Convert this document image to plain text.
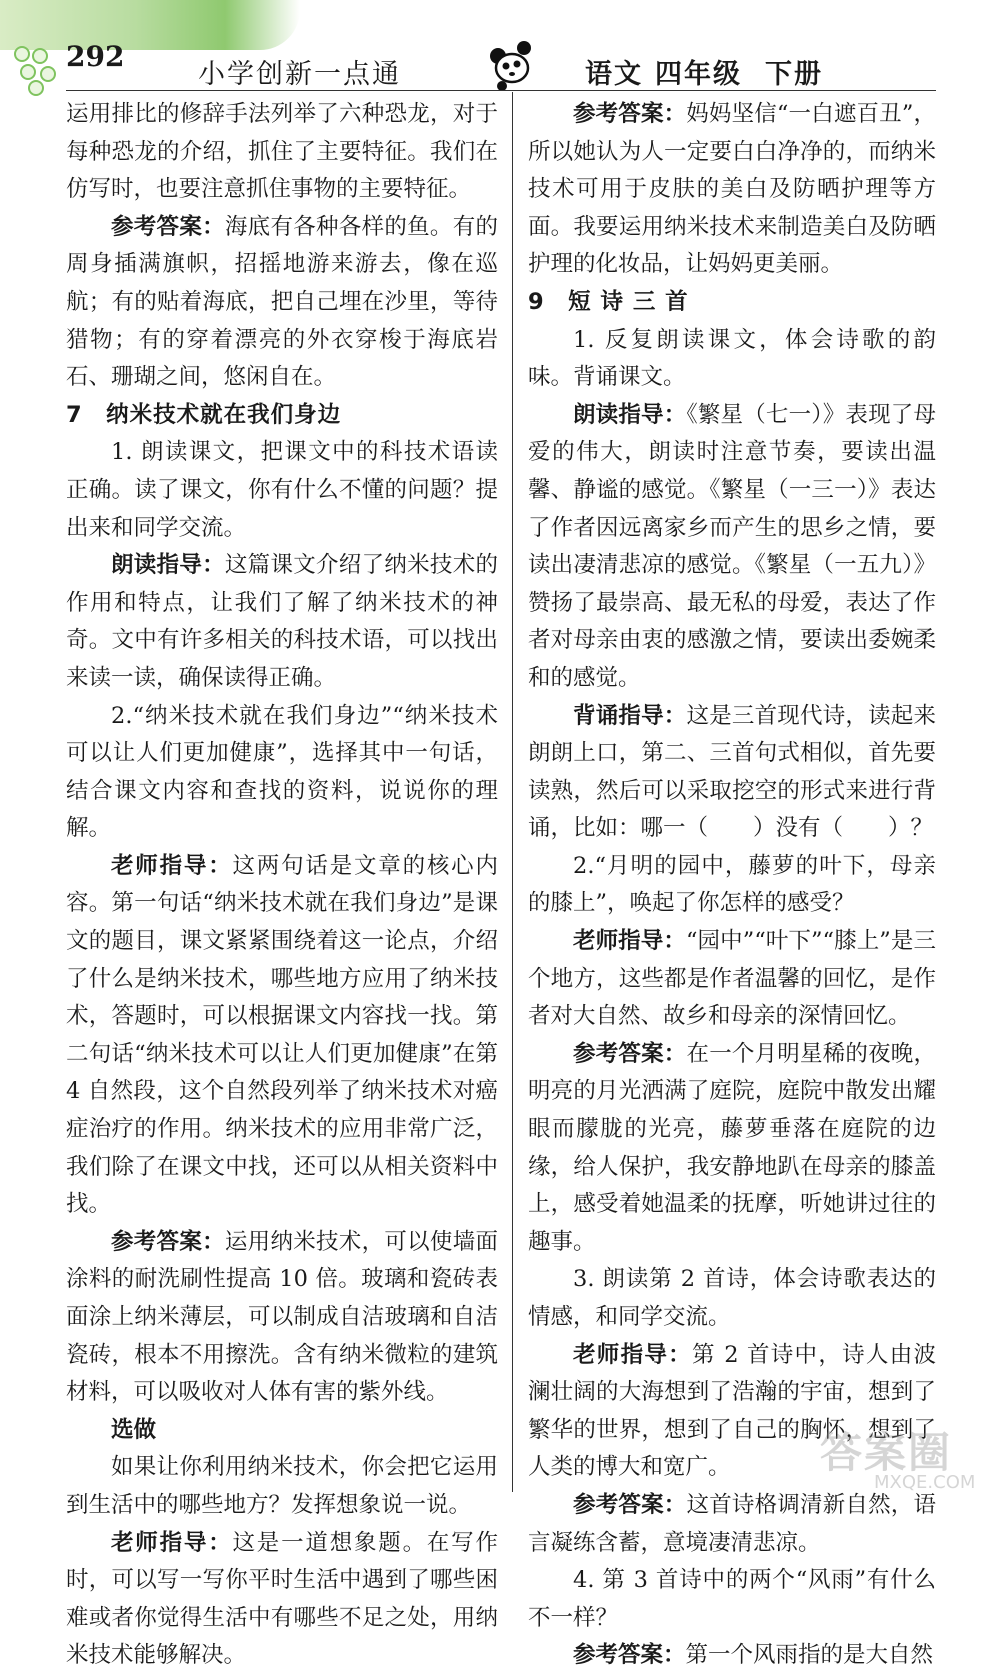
292
小学创新一点通	语文 四年级 下册

运用排比的修辞手法列举了六种恐龙，对于每种恐龙的介绍，抓住了主要特征。我们在仿写时，也要注意抓住事物的主要特征。

参考答案：海底有各种各样的鱼。有的周身插满旗帜，招摇地游来游去，像在巡航；有的贴着海底，把自己埋在沙里，等待猎物；有的穿着漂亮的外衣穿梭于海底岩石、珊瑚之间，悠闲自在。

7　纳米技术就在我们身边

1. 朗读课文，把课文中的科技术语读正确。读了课文，你有什么不懂的问题？提出来和同学交流。

朗读指导：这篇课文介绍了纳米技术的作用和特点，让我们了解了纳米技术的神奇。文中有许多相关的科技术语，可以找出来读一读，确保读得正确。

2.“纳米技术就在我们身边”“纳米技术可以让人们更加健康”，选择其中一句话，结合课文内容和查找的资料，说说你的理解。

老师指导：这两句话是文章的核心内容。第一句话“纳米技术就在我们身边”是课文的题目，课文紧紧围绕着这一论点，介绍了什么是纳米技术，哪些地方应用了纳米技术，答题时，可以根据课文内容找一找。第二句话“纳米技术可以让人们更加健康”在第 4 自然段，这个自然段列举了纳米技术对癌症治疗的作用。纳米技术的应用非常广泛，我们除了在课文中找，还可以从相关资料中找。

参考答案：运用纳米技术，可以使墙面涂料的耐洗刷性提高 10 倍。玻璃和瓷砖表面涂上纳米薄层，可以制成自洁玻璃和自洁瓷砖，根本不用擦洗。含有纳米微粒的建筑材料，可以吸收对人体有害的紫外线。

选做

如果让你利用纳米技术，你会把它运用到生活中的哪些地方？发挥想象说一说。

老师指导：这是一道想象题。在写作时，可以写一写你平时生活中遇到了哪些困难或者你觉得生活中有哪些不足之处，用纳米技术能够解决。

参考答案：妈妈坚信“一白遮百丑”，所以她认为人一定要白白净净的，而纳米技术可用于皮肤的美白及防晒护理等方面。我要运用纳米技术来制造美白及防晒护理的化妆品，让妈妈更美丽。

9　短 诗 三 首

1. 反复朗读课文，体会诗歌的韵味。背诵课文。

朗读指导：《繁星（七一）》表现了母爱的伟大，朗读时注意节奏，要读出温馨、静谧的感觉。《繁星（一三一）》表达了作者因远离家乡而产生的思乡之情，要读出凄清悲凉的感觉。《繁星（一五九）》赞扬了最崇高、最无私的母爱，表达了作者对母亲由衷的感激之情，要读出委婉柔和的感觉。

背诵指导：这是三首现代诗，读起来朗朗上口，第二、三首句式相似，首先要读熟，然后可以采取挖空的形式来进行背诵，比如：哪一（　　）没有（　　）？

2.“月明的园中，藤萝的叶下，母亲的膝上”，唤起了你怎样的感受？

老师指导：“园中”“叶下”“膝上”是三个地方，这些都是作者温馨的回忆，是作者对大自然、故乡和母亲的深情回忆。

参考答案：在一个月明星稀的夜晚，明亮的月光洒满了庭院，庭院中散发出耀眼而朦胧的光亮，藤萝垂落在庭院的边缘，给人保护，我安静地趴在母亲的膝盖上，感受着她温柔的抚摩，听她讲过往的趣事。

3. 朗读第 2 首诗，体会诗歌表达的情感，和同学交流。

老师指导：第 2 首诗中，诗人由波澜壮阔的大海想到了浩瀚的宇宙，想到了繁华的世界，想到了自己的胸怀，想到了人类的博大和宽广。

参考答案：这首诗格调清新自然，语言凝练含蓄，意境凄清悲凉。

4. 第 3 首诗中的两个“风雨”有什么不一样？

参考答案：第一个风雨指的是大自然

答案圈
MXQE.COM
